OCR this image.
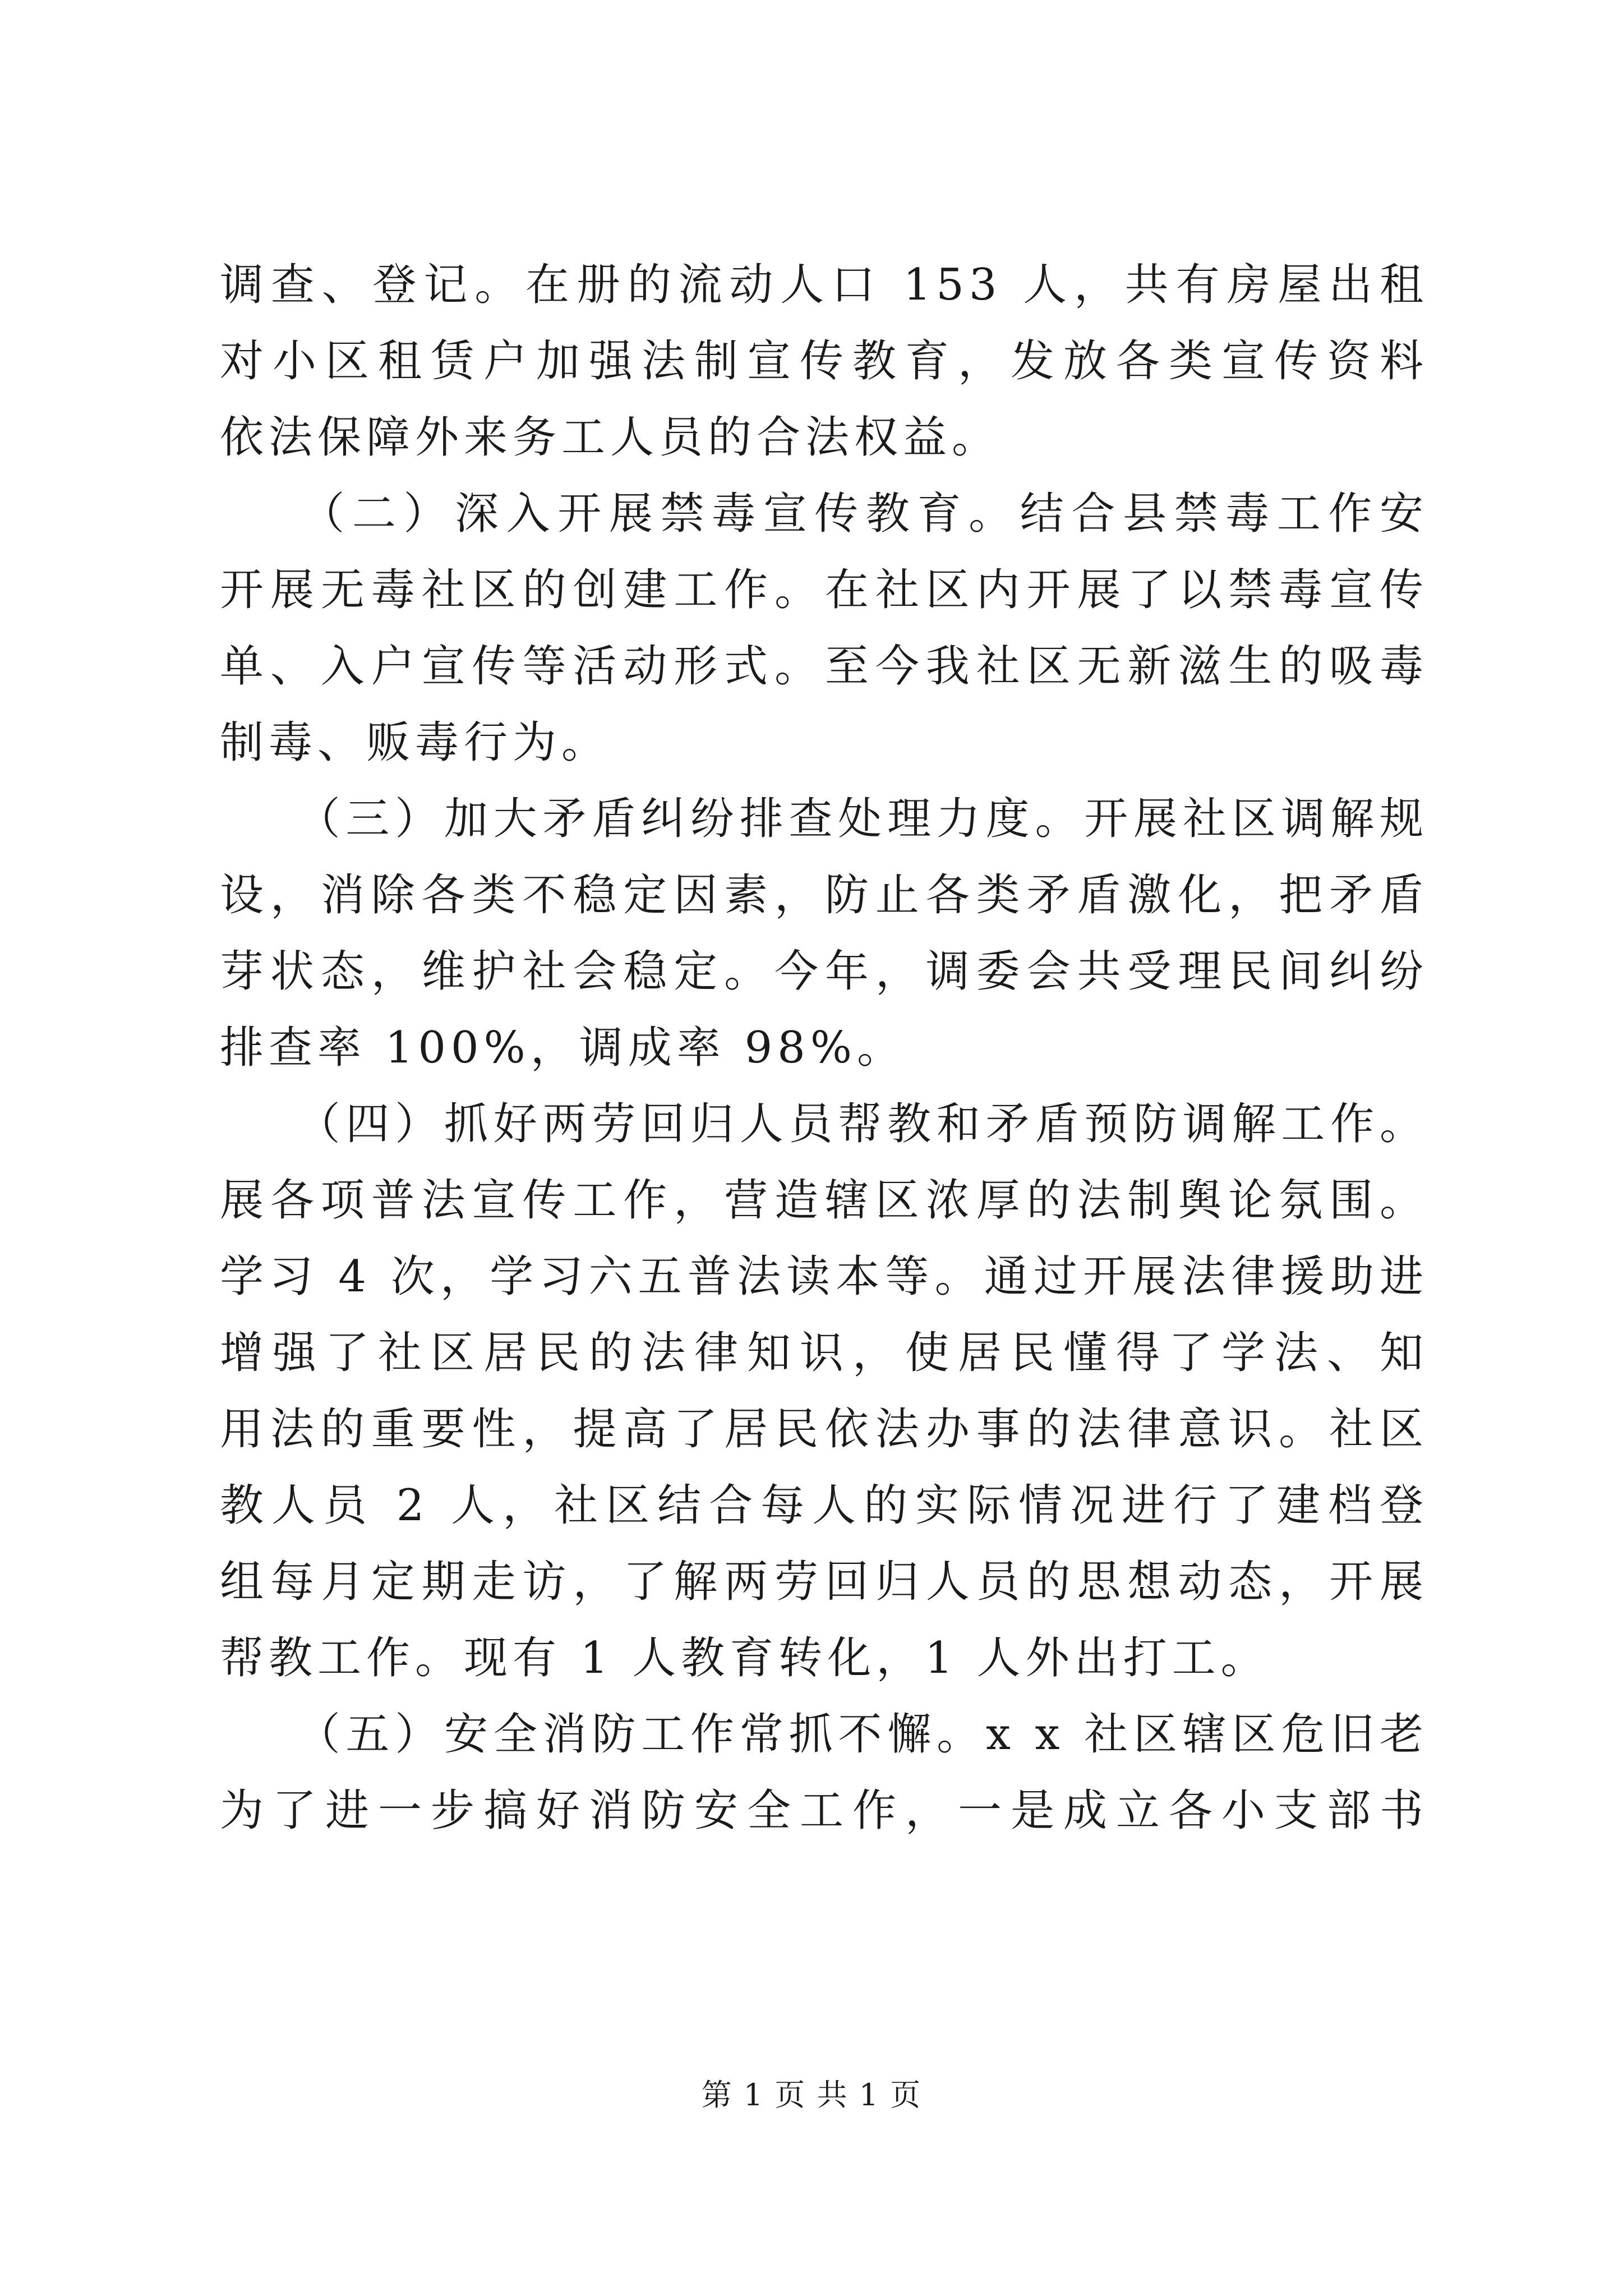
调查、登记。在册的流动人口 153 人，共有房屋出租
对小区租赁户加强法制宣传教育，发放各类宣传资料
依法保障外来务工人员的合法权益。
　　（二）深入开展禁毒宣传教育。结合县禁毒工作安
开展无毒社区的创建工作。在社区内开展了以禁毒宣传
单、入户宣传等活动形式。至今我社区无新滋生的吸毒
制毒、贩毒行为。
　　（三）加大矛盾纠纷排查处理力度。开展社区调解规
设，消除各类不稳定因素，防止各类矛盾激化，把矛盾
芽状态，维护社会稳定。今年，调委会共受理民间纠纷
排查率 100%，调成率 98%。
　　（四）抓好两劳回归人员帮教和矛盾预防调解工作。
展各项普法宣传工作，营造辖区浓厚的法制舆论氛围。
学习 4 次，学习六五普法读本等。通过开展法律援助进
增强了社区居民的法律知识，使居民懂得了学法、知
用法的重要性，提高了居民依法办事的法律意识。社区
教人员 2 人，社区结合每人的实际情况进行了建档登
组每月定期走访，了解两劳回归人员的思想动态，开展
帮教工作。现有 1 人教育转化，1 人外出打工。
　　（五）安全消防工作常抓不懈。x x 社区辖区危旧老
为了进一步搞好消防安全工作，一是成立各小支部书
第 1 页 共 1 页
